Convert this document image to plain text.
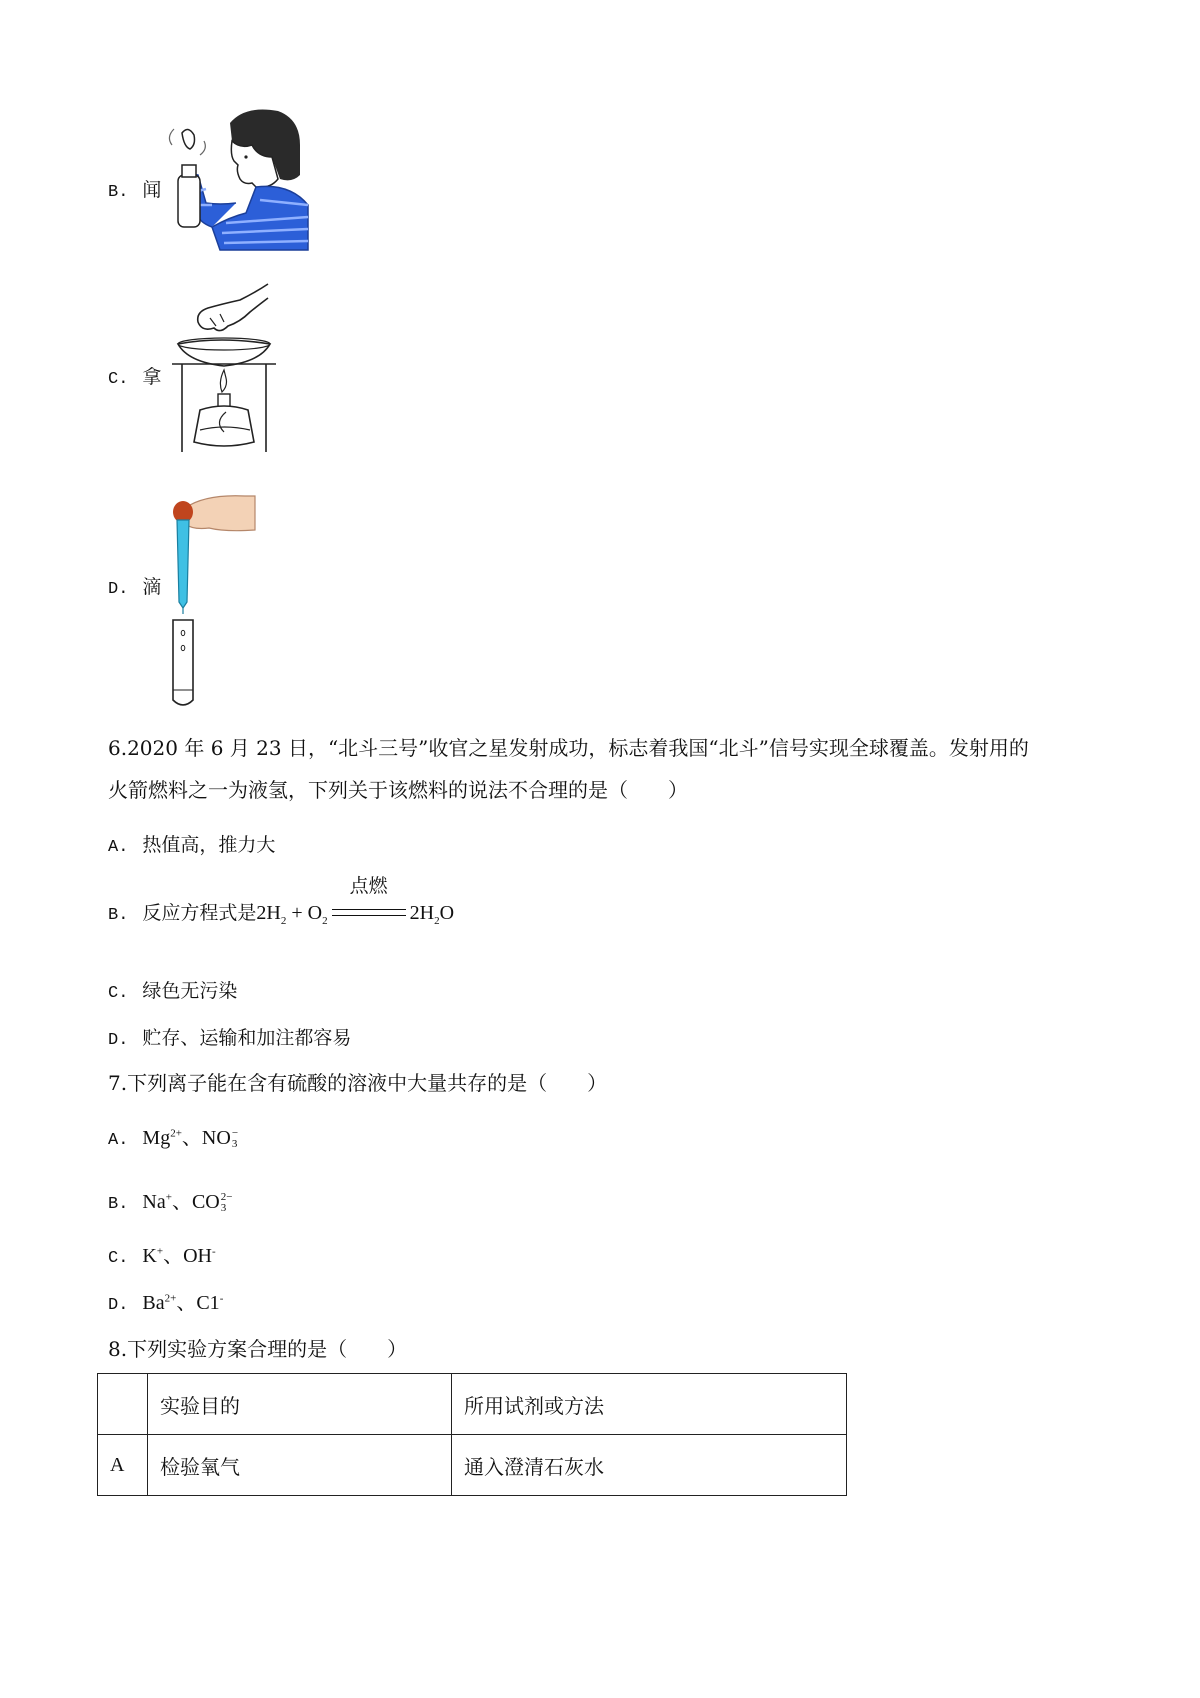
B. 闻
C. 拿
D. 滴
6.2020 年 6 月 23 日，“北斗三号”收官之星发射成功，标志着我国“北斗”信号实现全球覆盖。发射用的
火箭燃料之一为液氢，下列关于该燃料的说法不合理的是（　　）
A. 热值高，推力大
B. 反应方程式是$2H_2 + O_2$
点燃
$2H_2O$
C. 绿色无污染
D. 贮存、运输和加注都容易
7.下列离子能在含有硫酸的溶液中大量共存的是（　　）
A. $Mg^{2+}$、NO −
3
B. Na+、CO 2−
3
C. K+、OH-
D. $Ba^{2+}$、C1-
8.下列实验方案合理的是（　　）
	实验目的	所用试剂或方法
A	检验氧气	通入澄清石灰水
